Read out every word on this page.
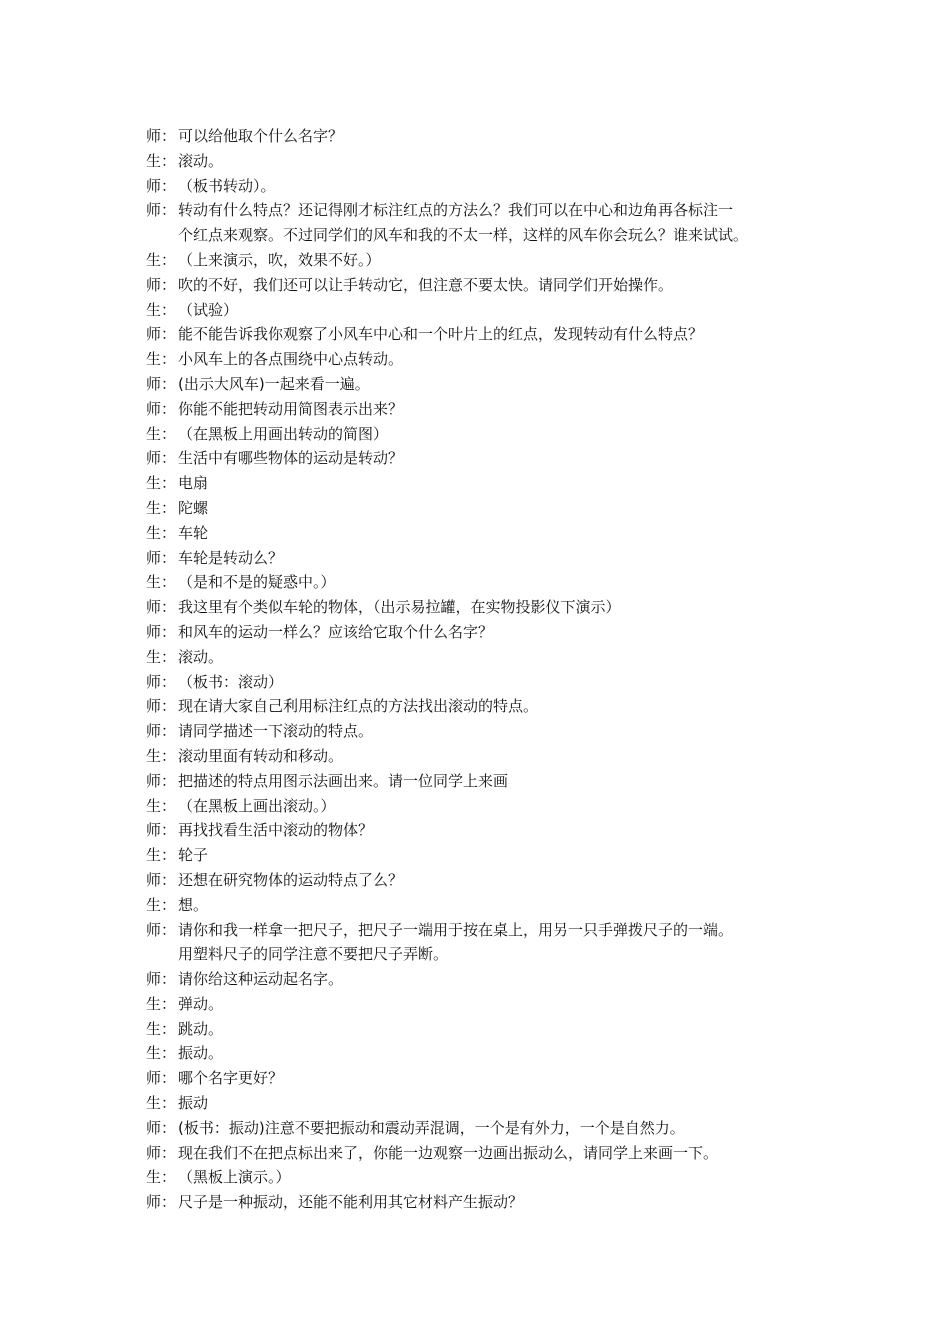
师： 可以给他取个什么名字？
生： 滚动。
师： （板书转动）。
师： 转动有什么特点？还记得刚才标注红点的方法么？我们可以在中心和边角再各标注一
个红点来观察。不过同学们的风车和我的不太一样，这样的风车你会玩么？谁来试试。
生： （上来演示，吹，效果不好。）
师： 吹的不好，我们还可以让手转动它，但注意不要太快。请同学们开始操作。
生： （试验）
师： 能不能告诉我你观察了小风车中心和一个叶片上的红点，发现转动有什么特点？
生： 小风车上的各点围绕中心点转动。
师： (出示大风车)一起来看一遍。
师： 你能不能把转动用简图表示出来？
生： （在黑板上用画出转动的简图）
师： 生活中有哪些物体的运动是转动？
生： 电扇
生： 陀螺
生： 车轮
师： 车轮是转动么？
生： （是和不是的疑惑中。）
师： 我这里有个类似车轮的物体，（出示易拉罐，在实物投影仪下演示）
师： 和风车的运动一样么？应该给它取个什么名字？
生： 滚动。
师： （板书：滚动）
师： 现在请大家自己利用标注红点的方法找出滚动的特点。
师： 请同学描述一下滚动的特点。
生： 滚动里面有转动和移动。
师： 把描述的特点用图示法画出来。请一位同学上来画
生： （在黑板上画出滚动。）
师： 再找找看生活中滚动的物体？
生： 轮子
师： 还想在研究物体的运动特点了么？
生： 想。
师： 请你和我一样拿一把尺子，把尺子一端用于按在桌上，用另一只手弹拨尺子的一端。
用塑料尺子的同学注意不要把尺子弄断。
师： 请你给这种运动起名字。
生： 弹动。
生： 跳动。
生： 振动。
师： 哪个名字更好？
生： 振动
师： (板书：振动)注意不要把振动和震动弄混调，一个是有外力，一个是自然力。
师： 现在我们不在把点标出来了，你能一边观察一边画出振动么，请同学上来画一下。
生： （黑板上演示。）
师： 尺子是一种振动，还能不能利用其它材料产生振动？
